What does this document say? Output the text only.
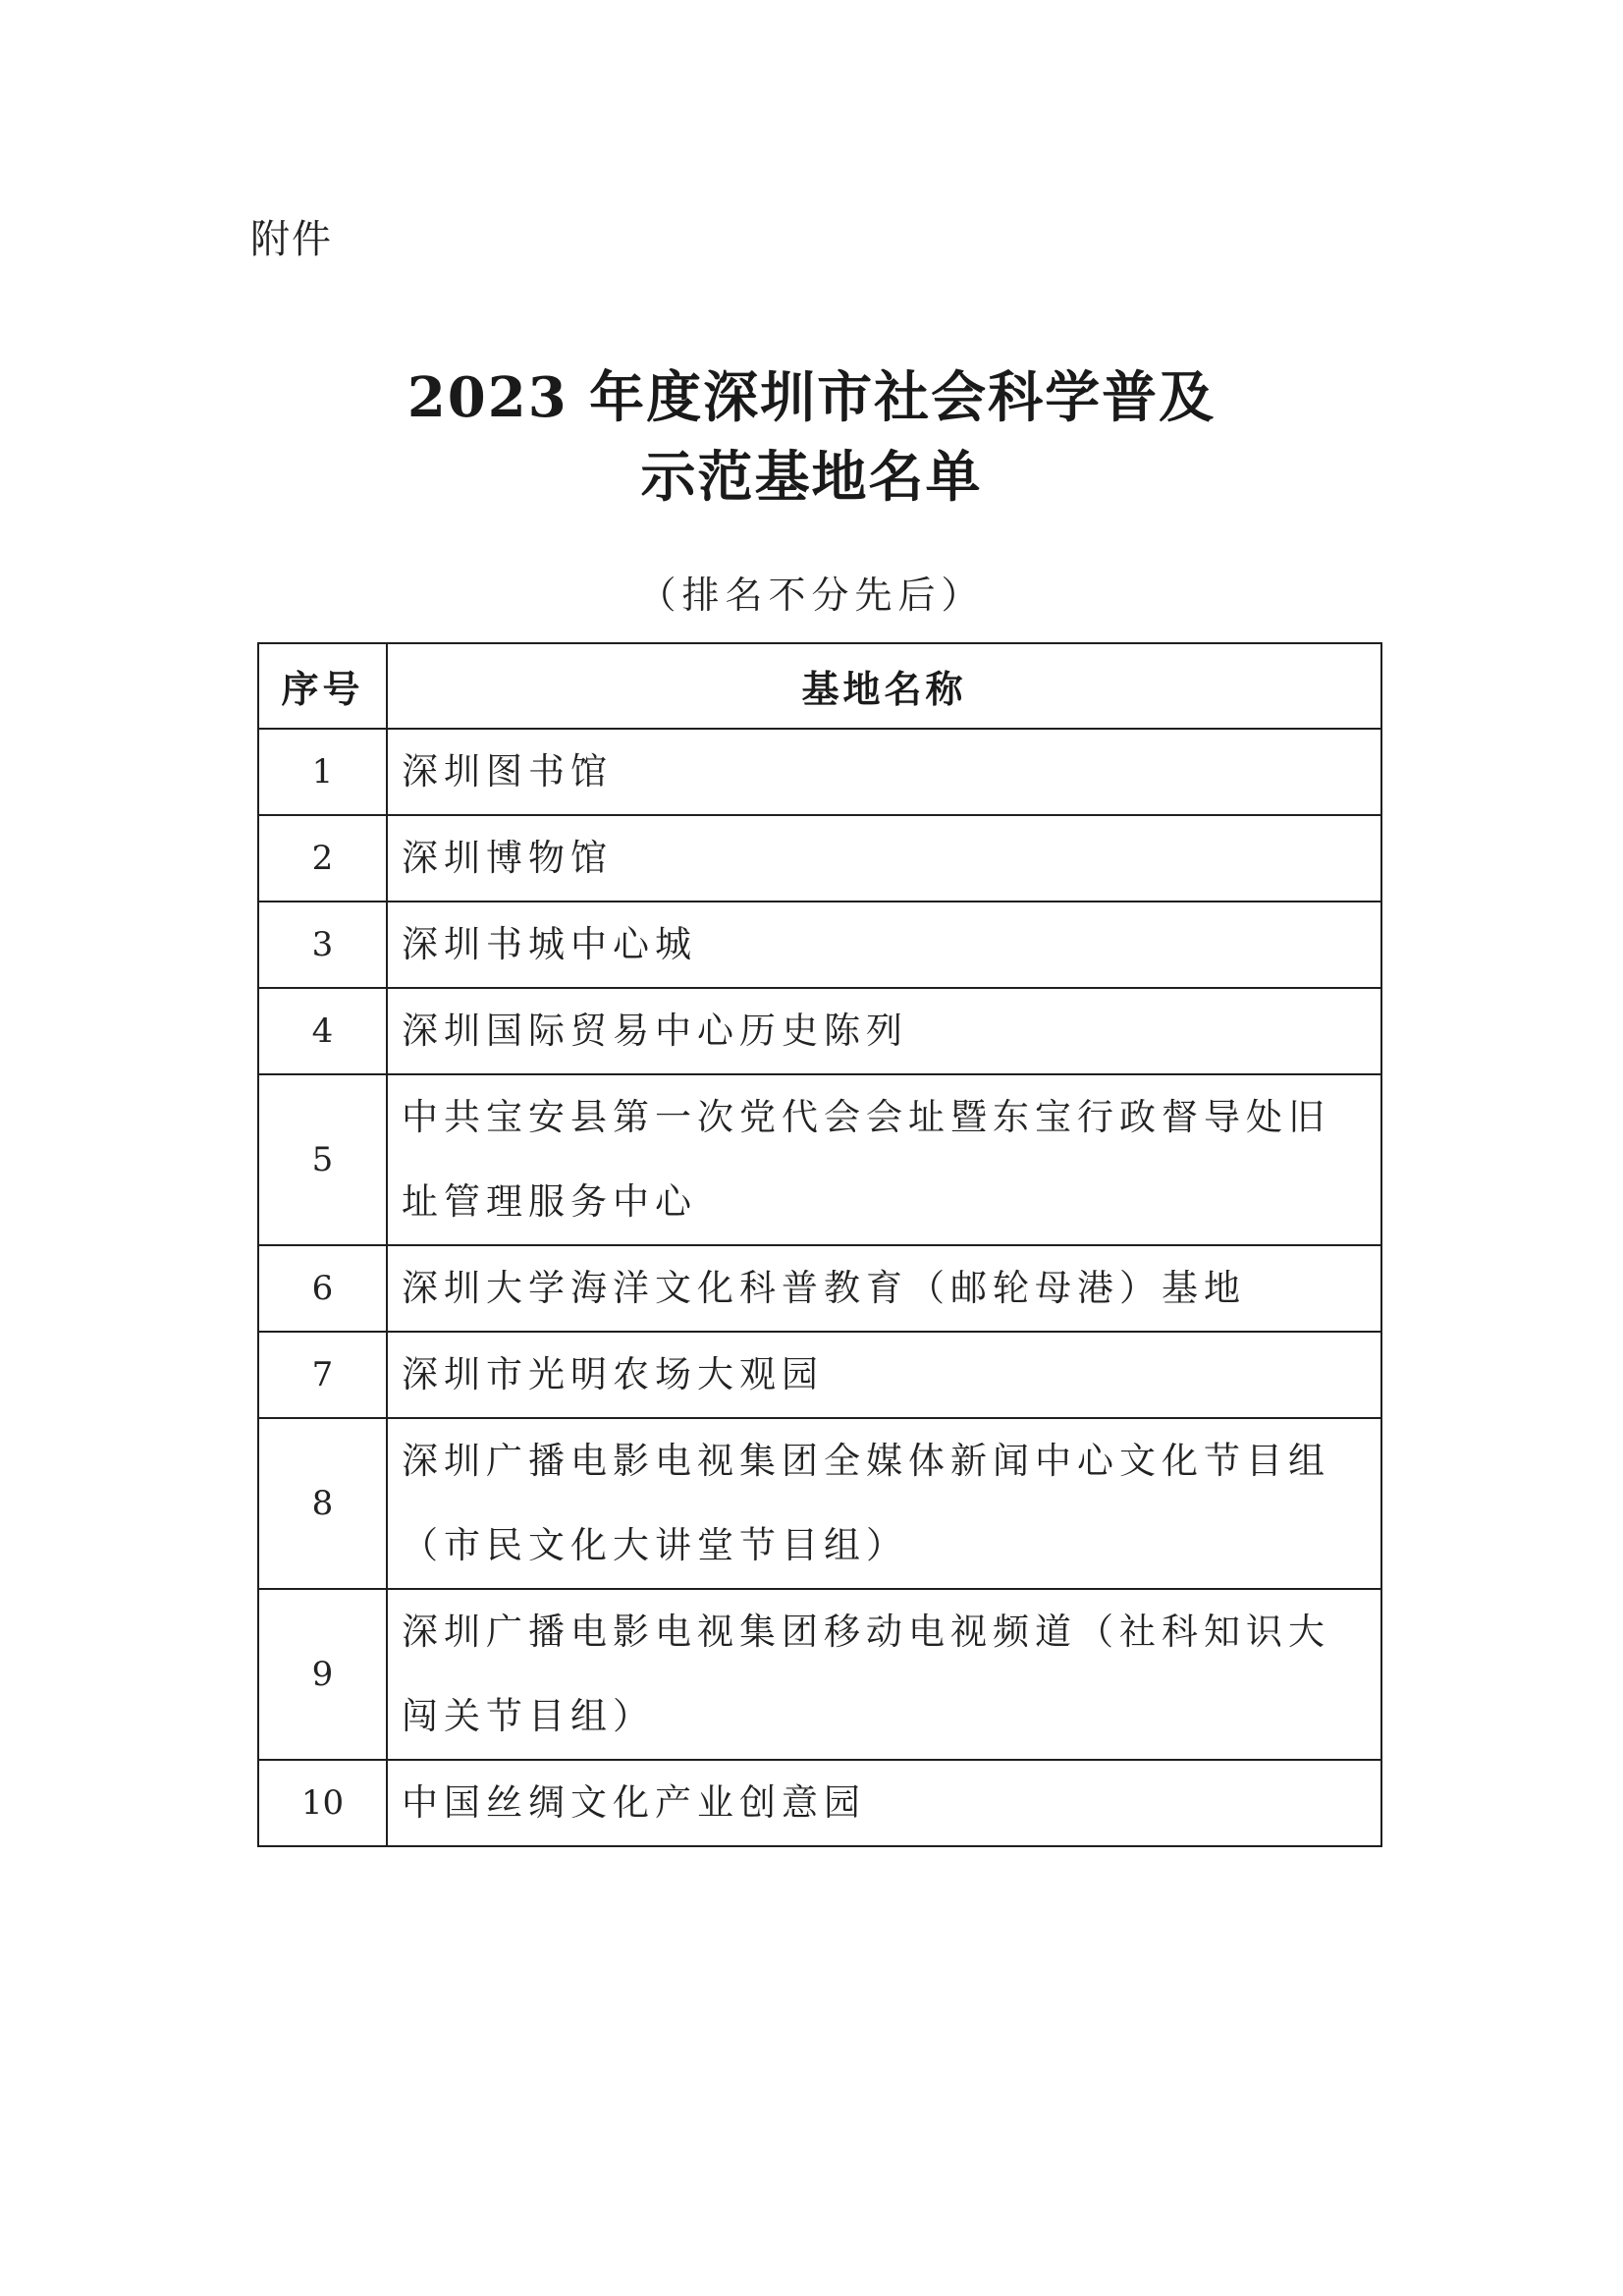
附件
2023 年度深圳市社会科学普及
示范基地名单
（排名不分先后）
序号	基地名称
1	深圳图书馆
2	深圳博物馆
3	深圳书城中心城
4	深圳国际贸易中心历史陈列
5	中共宝安县第一次党代会会址暨东宝行政督导处旧址管理服务中心
6	深圳大学海洋文化科普教育（邮轮母港）基地
7	深圳市光明农场大观园
8	深圳广播电影电视集团全媒体新闻中心文化节目组（市民文化大讲堂节目组）
9	深圳广播电影电视集团移动电视频道（社科知识大闯关节目组）
10	中国丝绸文化产业创意园
